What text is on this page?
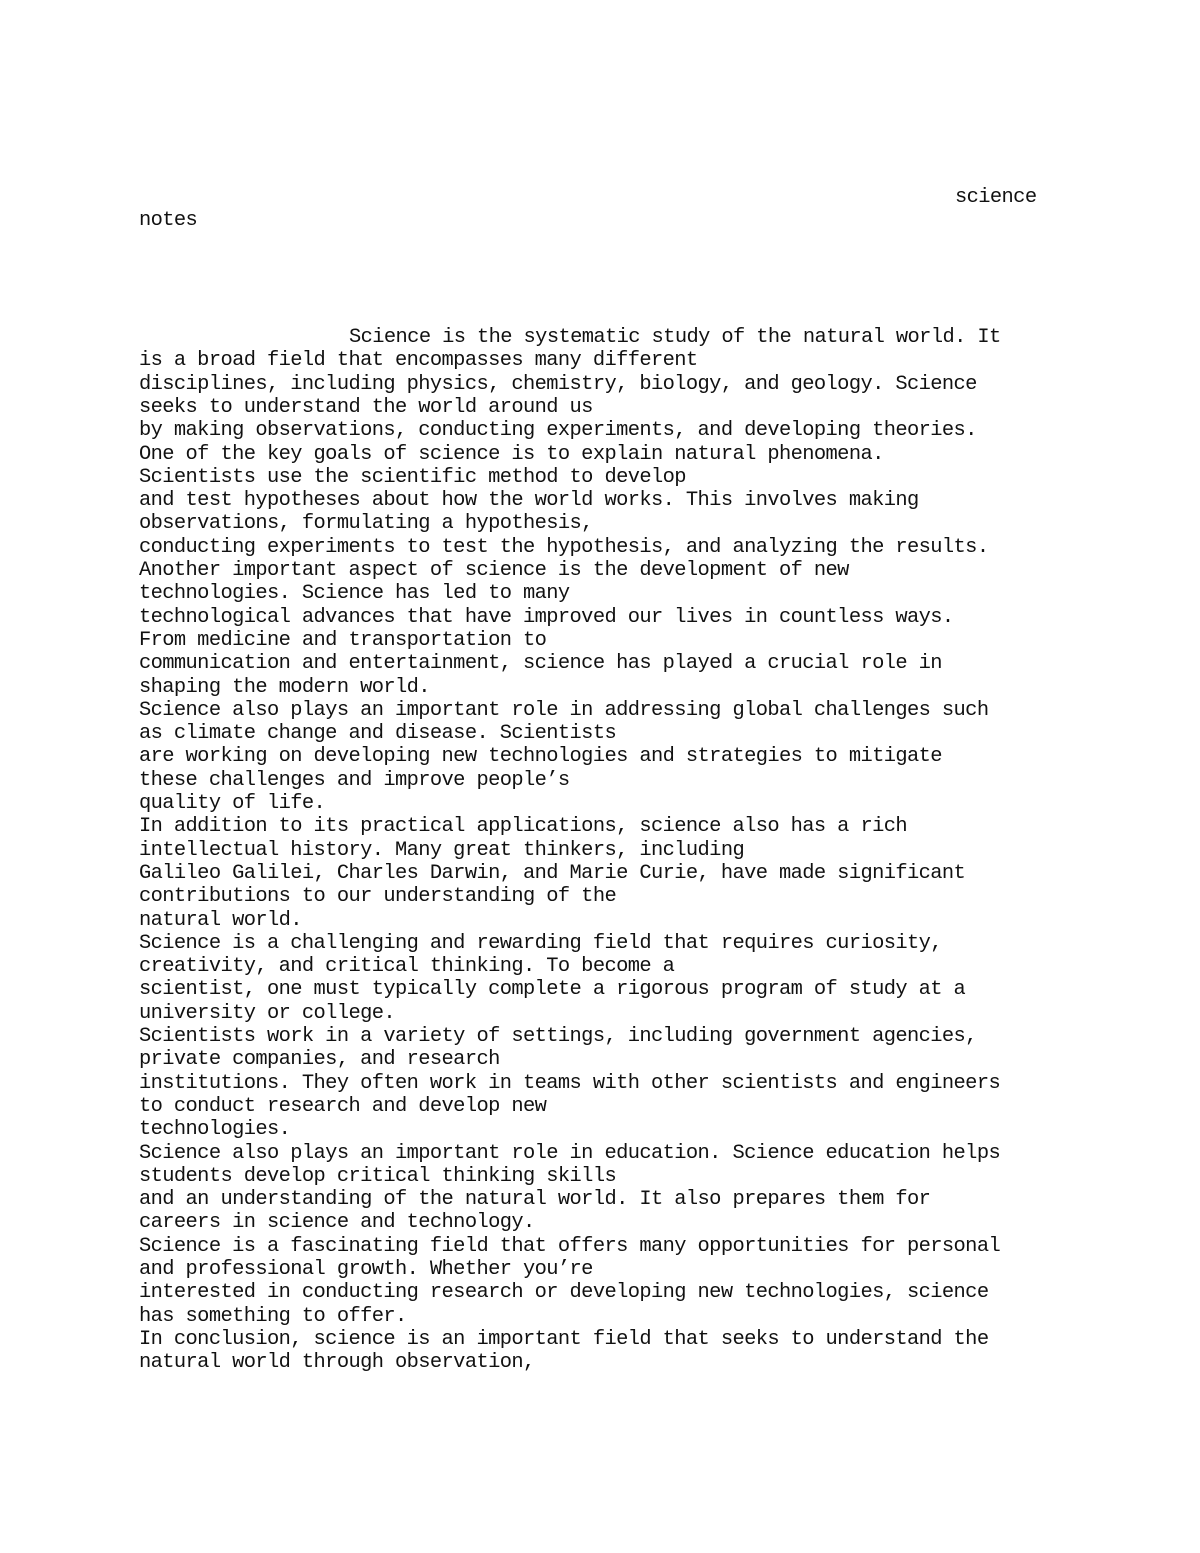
science

notes

Science is the systematic study of the natural world. It

is a broad field that encompasses many different

disciplines, including physics, chemistry, biology, and geology. Science

seeks to understand the world around us

by making observations, conducting experiments, and developing theories.

One of the key goals of science is to explain natural phenomena.

Scientists use the scientific method to develop

and test hypotheses about how the world works. This involves making

observations, formulating a hypothesis,

conducting experiments to test the hypothesis, and analyzing the results.

Another important aspect of science is the development of new

technologies. Science has led to many

technological advances that have improved our lives in countless ways.

From medicine and transportation to

communication and entertainment, science has played a crucial role in

shaping the modern world.

Science also plays an important role in addressing global challenges such

as climate change and disease. Scientists

are working on developing new technologies and strategies to mitigate

these challenges and improve people’s

quality of life.

In addition to its practical applications, science also has a rich

intellectual history. Many great thinkers, including

Galileo Galilei, Charles Darwin, and Marie Curie, have made significant

contributions to our understanding of the

natural world.

Science is a challenging and rewarding field that requires curiosity,

creativity, and critical thinking. To become a

scientist, one must typically complete a rigorous program of study at a

university or college.

Scientists work in a variety of settings, including government agencies,

private companies, and research

institutions. They often work in teams with other scientists and engineers

to conduct research and develop new

technologies.

Science also plays an important role in education. Science education helps

students develop critical thinking skills

and an understanding of the natural world. It also prepares them for

careers in science and technology.

Science is a fascinating field that offers many opportunities for personal

and professional growth. Whether you’re

interested in conducting research or developing new technologies, science

has something to offer.

In conclusion, science is an important field that seeks to understand the

natural world through observation,
